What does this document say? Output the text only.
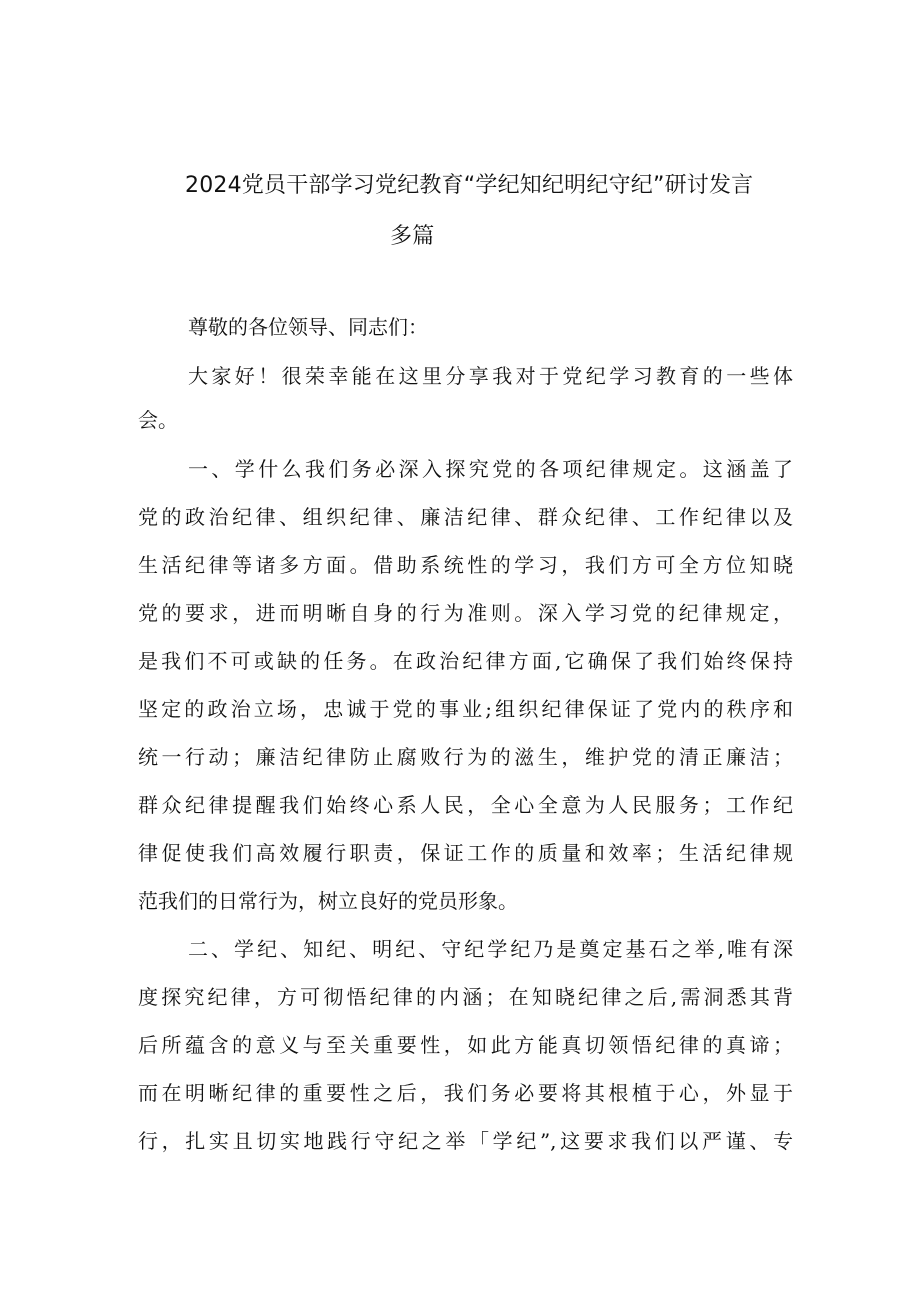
2024党员干部学习党纪教育“学纪知纪明纪守纪”研讨发言
多篇
尊敬的各位领导、同志们：
大家好！很荣幸能在这里分享我对于党纪学习教育的一些体
会。
一、学什么我们务必深入探究党的各项纪律规定。这涵盖了
党的政治纪律、组织纪律、廉洁纪律、群众纪律、工作纪律以及
生活纪律等诸多方面。借助系统性的学习，我们方可全方位知晓
党的要求，进而明晰自身的行为准则。深入学习党的纪律规定，
是我们不可或缺的任务。在政治纪律方面,它确保了我们始终保持
坚定的政治立场，忠诚于党的事业;组织纪律保证了党内的秩序和
统一行动；廉洁纪律防止腐败行为的滋生，维护党的清正廉洁；
群众纪律提醒我们始终心系人民，全心全意为人民服务；工作纪
律促使我们高效履行职责，保证工作的质量和效率；生活纪律规
范我们的日常行为，树立良好的党员形象。
二、学纪、知纪、明纪、守纪学纪乃是奠定基石之举,唯有深
度探究纪律，方可彻悟纪律的内涵；在知晓纪律之后,需洞悉其背
后所蕴含的意义与至关重要性，如此方能真切领悟纪律的真谛；
而在明晰纪律的重要性之后，我们务必要将其根植于心，外显于
行，扎实且切实地践行守纪之举「学纪”,这要求我们以严谨、专
